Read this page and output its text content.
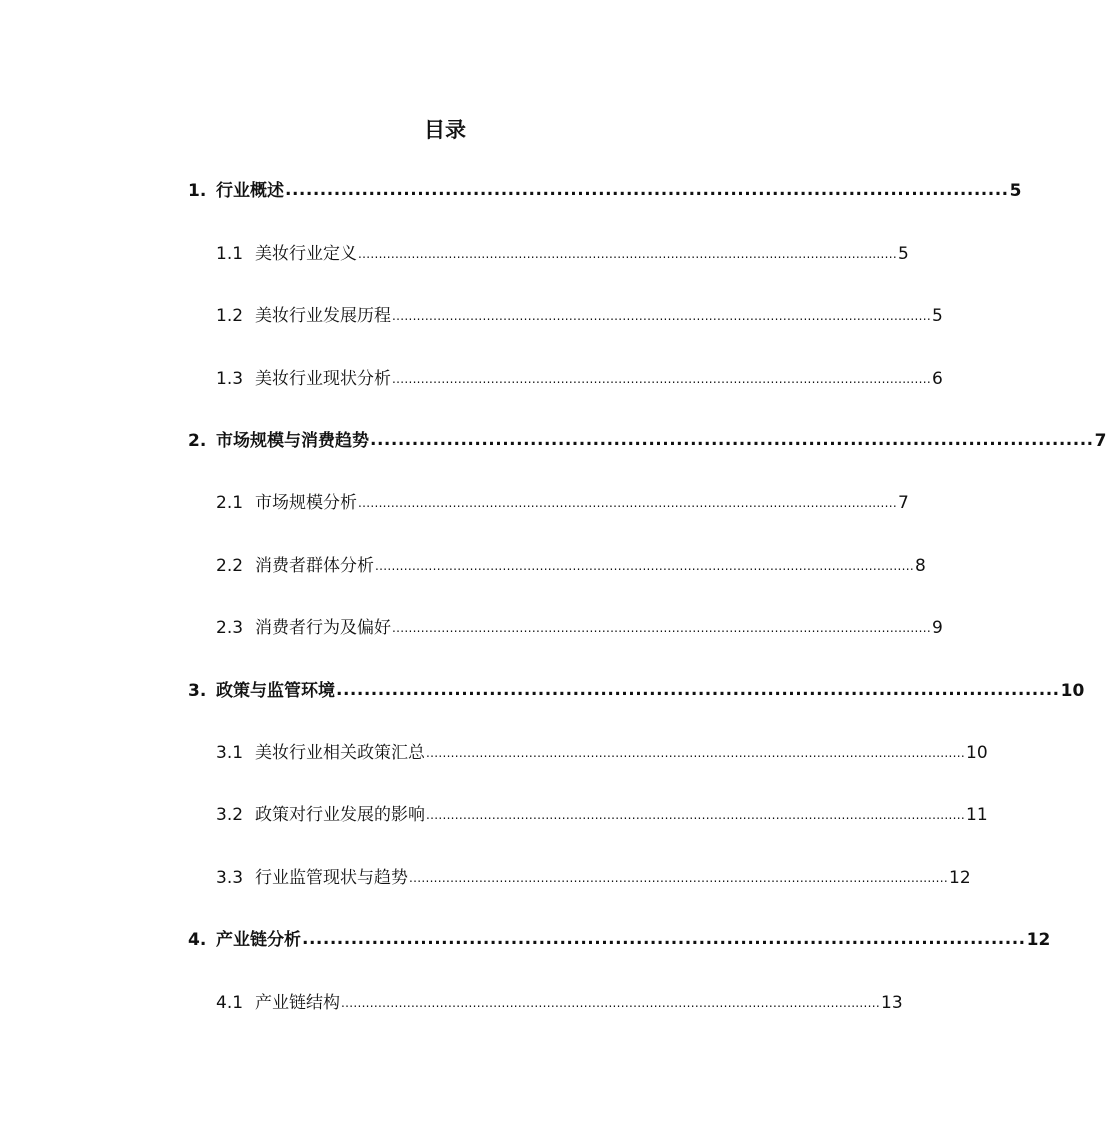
目录
1. 行业概述 ........................................................................................................ 5
1.1 美妆行业定义 ................................................................................................................................... 5
1.2 美妆行业发展历程 ................................................................................................................................... 5
1.3 美妆行业现状分析 ................................................................................................................................... 6
2. 市场规模与消费趋势 ........................................................................................................ 7
2.1 市场规模分析 ................................................................................................................................... 7
2.2 消费者群体分析 ................................................................................................................................... 8
2.3 消费者行为及偏好 ................................................................................................................................... 9
3. 政策与监管环境 ........................................................................................................ 10
3.1 美妆行业相关政策汇总 ................................................................................................................................... 10
3.2 政策对行业发展的影响 ................................................................................................................................... 11
3.3 行业监管现状与趋势 ................................................................................................................................... 12
4. 产业链分析 ........................................................................................................ 12
4.1 产业链结构 ................................................................................................................................... 13
